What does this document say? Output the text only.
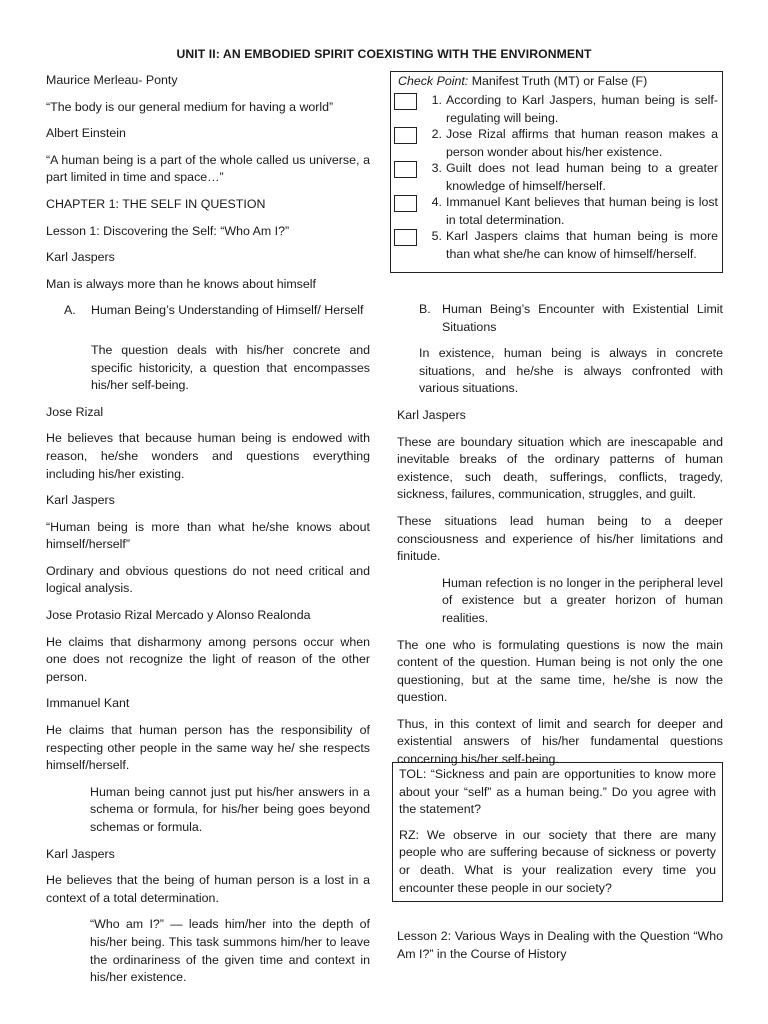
UNIT II: AN EMBODIED SPIRIT COEXISTING WITH THE ENVIRONMENT

Maurice Merleau- Ponty

“The body is our general medium for having a world”

Albert Einstein

“A human being is a part of the whole called us universe, a part limited in time and space…”

CHAPTER 1: THE SELF IN QUESTION

Lesson 1: Discovering the Self: “Who Am I?”

Karl Jaspers

Man is always more than he knows about himself

A.	Human Being’s Understanding of Himself/ Herself

The question deals with his/her concrete and specific historicity, a question that encompasses his/her self-being.

Jose Rizal

He believes that because human being is endowed with reason, he/she wonders and questions everything including his/her existing.

Karl Jaspers

“Human being is more than what he/she knows about himself/herself”

Ordinary and obvious questions do not need critical and logical analysis.

Jose Protasio Rizal Mercado y Alonso Realonda

He claims that disharmony among persons occur when one does not recognize the light of reason of the other person.

Immanuel Kant

He claims that human person has the responsibility of respecting other people in the same way he/ she respects himself/herself.

Human being cannot just put his/her answers in a schema or formula, for his/her being goes beyond schemas or formula.

Karl Jaspers

He believes that the being of human person is a lost in a context of a total determination.

“Who am I?” — leads him/her into the depth of his/her being. This task summons him/her to leave the ordinariness of the given time and context in his/her existence.

Check Point: Manifest Truth (MT) or False (F)
1. According to Karl Jaspers, human being is self-regulating will being.
2. Jose Rizal affirms that human reason makes a person wonder about his/her existence.
3. Guilt does not lead human being to a greater knowledge of himself/herself.
4. Immanuel Kant believes that human being is lost in total determination.
5. Karl Jaspers claims that human being is more than what she/he can know of himself/herself.
B. Human Being’s Encounter with Existential Limit Situations

In existence, human being is always in concrete situations, and he/she is always confronted with various situations.

Karl Jaspers

These are boundary situation which are inescapable and inevitable breaks of the ordinary patterns of human existence, such death, sufferings, conflicts, tragedy, sickness, failures, communication, struggles, and guilt.

These situations lead human being to a deeper consciousness and experience of his/her limitations and finitude.

Human refection is no longer in the peripheral level of existence but a greater horizon of human realities.

The one who is formulating questions is now the main content of the question. Human being is not only the one questioning, but at the same time, he/she is now the question.

Thus, in this context of limit and search for deeper and existential answers of his/her fundamental questions concerning his/her self-being.

TOL: “Sickness and pain are opportunities to know more about your “self” as a human being.” Do you agree with the statement?

RZ: We observe in our society that there are many people who are suffering because of sickness or poverty or death. What is your realization every time you encounter these people in our society?

Lesson 2: Various Ways in Dealing with the Question “Who Am I?” in the Course of History
